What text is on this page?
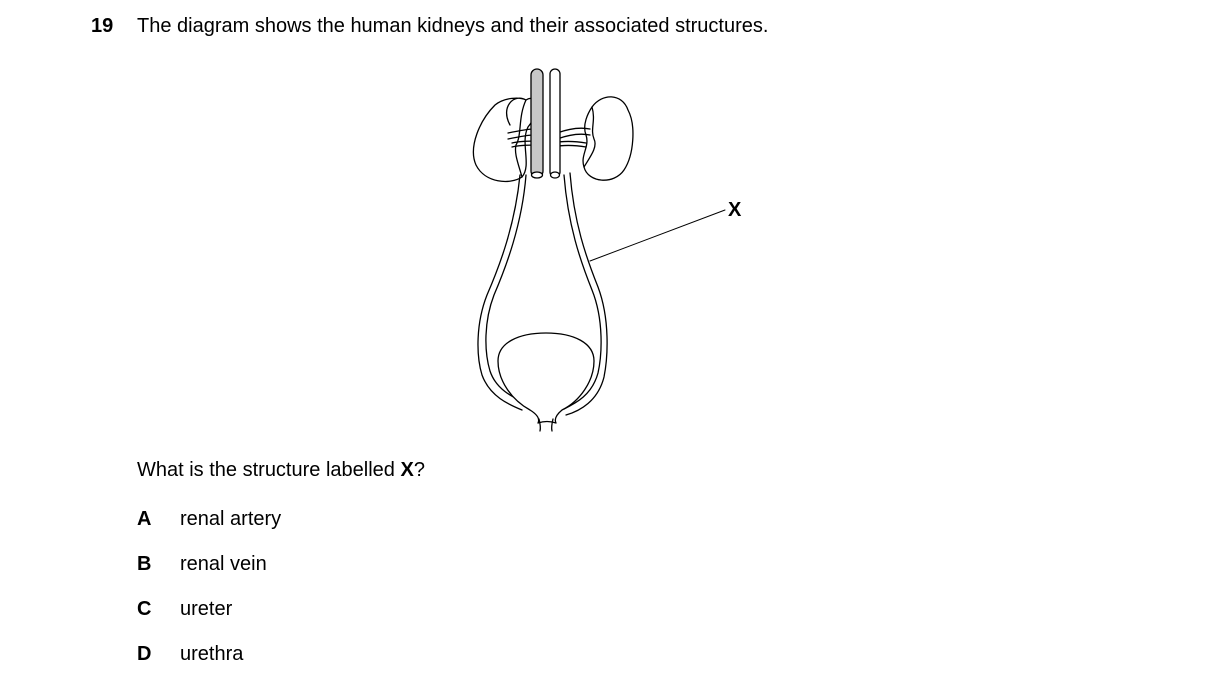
19 The diagram shows the human kidneys and their associated structures.
X
What is the structure labelled X?
A	renal artery
B	renal vein
C	ureter
D	urethra
